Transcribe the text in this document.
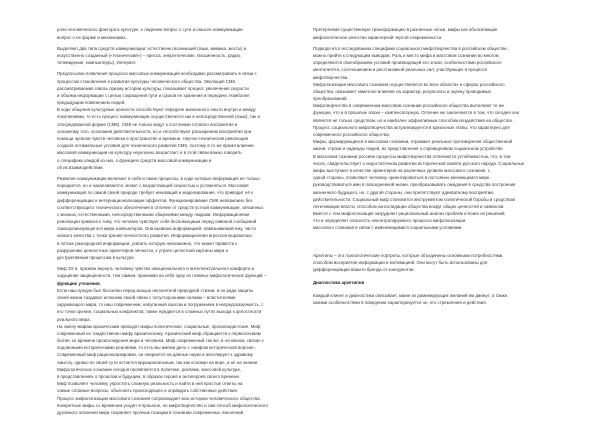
роли человеческого фактора в культуре, к ладению вопрос о сути и смысле коммуникации
вопрос о ее форме и механизмах.
Выделяют два типа средств коммуникации: естественно возникший (язык, мимика, жесты) и
искусственно созданный («технический») – пресса, энергетические, письменность, радио,
телевидение, компьютер(ы), Интернет.
Предпосылки появления процесса массовых коммуникаций необходимо рассматривать в связи с
процессом становления и развития культуры человеческого общества. Эволюция СМК,
рассматриваемая сквозь призму истории культуры, показывает процесс увеличения скорости
и объема информации с целью сокращения пути и сроков ее хранения и передачи. Наиболее
предыдущим появлением людей.
В ходе общения культурные ценности способствуют передаче жизненного опыта внутри и между
поколениями, то есть процесс коммуникации осуществляется как в непосредственной (язык), так и
опосредованной форме (СМК). СМК не только ведут к состоянию готового восприятия и
основному того, осознания действительности, но и способствуют расширению восприятия при
помощи органов чувств человека в пространстве и времени. Научно-техническая революция
создала оптимальные условия для технического развития СМК, поэтому в то же время влияние
массовой коммуникации на культуру неуклонно возрастает, и в этой связи важно говорить
о специфике каждой из них, о функциях средств массовой коммуникации и
об их взаимодействии.
Развитие коммуникации включает в себя и такие процессы, в ходе которых информация не только
передается, но и накапливается, может с возрастающей скоростью и усложняться. Массовая
коммуникация по самой своей природе требует инноваций и моделирования, что приводит её к
дифференциации и интернационализации эффектов. Функционирование СМК невозможно без
соответствующего технического обеспечения в отличие от средств устной коммуникации, связанных
с жизнью, естественными, непосредственными общениями между людьми. Информационная
революция привела к тому, что человек чувствует себя беспомощным перед лавиной сообщений
самоорганизующегося мира компьютеров. Она вызвана информацией, навязываемой ему, часто
низкого качества с точки зрения личностного развития. Информационная агрессия выразилась
в потоке разнородной информации, усвоить которую невозможно, что может привести к
разрушению ценностных ориентиров личности, к утрате целостной картины мира и
деструктивным процессам в культуре.
Миф XX в. призван вернуть человеку чувство эмоционального и интеллектуального комфорта и
ощущение защищенности, тем самым, принимая на себя одну из главных мифологических функций –
функцию утешения.
Если наш предок был бессилен перед мощью непонятной природной стихии, и он ради защиты
своей жизни создавал иллюзию своей связи с потусторонними силами – властителями
окружающего мира, то наш современник, напуганный хаосом и погружением в непредсказуемость, с
его точки зрения, социальных конфликтов, также нуждается в сложных путях выхода к целостности
реального мира.
На смену мифам архаическим приходят мифы политические, социальные, пропагандистские. Миф
современный не тождественен мифу архаическому. Архаический миф обращается к первоосновам
бытия, ко времени происхождения мира и человека. Миф современный так же, в основном, связан с
подлинными историческими реалиями, то есть мы имеем дело с «мифом исторической версии».
Современный миф рационализирован, он опирается на данные науки и апеллирует к здравому
смыслу, однако по своей сути остается иррациональным, так как основан на вере, а не на знании.
Мифологическое сознание сегодня проявляется в политике, рекламе, массовой культуре,
в представлениях о прошлом и будущем, в образах героев и антигероев своего времени.
Миф позволяет человеку упростить сложную реальность и найти в ней простые ответы на
самые сложные вопросы, объяснить происходящее и оправдать собственные действия.
Процесс мифологизации массового сознания сопровождает всю историю человеческого общества.
Конкретные мифы со временем уходят в прошлое, но мифотворчество и сам способ мифологического
духовного освоения мира сохраняет прочные позиции в сознании современных поколений.
Претерпевая существенную трансформацию в различные эпохи, мифы как объясняющие
мифологическое качество характерной чертой современности.
Подводя итог исследованию специфики социального мифотворчества в российском обществе,
можно прийти к следующим выводам. Роль и место мифа в массовом сознании во многом
определяются своеобразием условий производящей его эпохи, особенностями российского
менталитета, соотношением и расстановкой реальных сил, участвующих в процессе
мифотворчества.
Мифологизация массового сознания осуществляется во всех областях и сферах российского
общества, оказывает заметное влияние на характер, результаты и оценку проводимых
преобразований.
Мифотворчество в современном массовом сознании российского общества выполняет те же
функции, что и в прошлые эпохи – компенсаторную. Отличие же заключается в том, что сегодня оно
является не только средством, но и наиболее эффективным способом воздействия на общество.
Процесс социального мифотворчества актуализируется в кризисные этапы, что характерно для
современного российского общества.
Мифы, формирующиеся в массовом сознании, отражают реальные противоречия общественной
жизни, страхи и надежды людей, их представления о справедливом социальном устройстве.
В массовом сознании россиян процессы мифотворчества отличаются устойчивостью, что, в том
числе, свидетельствует о недостаточном развитии исторической памяти русского народа. Социальные
мифы выступают в качестве ориентиров на различных уровнях массового сознания, с
одной стороны, позволяют человеку ориентироваться в постоянно меняющемся мире,
руководствоваться ими в повседневной жизни, преобразовывать ожидания в средства построения
жизненного будущего, но, с другой стороны, они препятствуют адекватному восприятию
действительности. Социальный миф становится инструментом политической борьбы и средством
легитимации власти, способом консолидации общества вокруг общих ценностей и символов.
Вместе с тем мифологизация затрудняет рациональный анализ проблем и поиск их решений,
что и определяет опасность неконтролируемого процесса мифологизации
массового сознания в связи с изменяющимися социальными условиями.
Архетипы – это психологические портреты, которые объединены основными потребностями,
способом восприятия информации и мотивацией. Они могут быть использованы для
дифференциации вашего бренда от конкурентов.
Диагностика архетипов
Каждый клиент и диагностика описывает, какие из доминирующих желаний им движут, а также,
какими особенностями в поведении характеризуется он, его стремления и действия.
